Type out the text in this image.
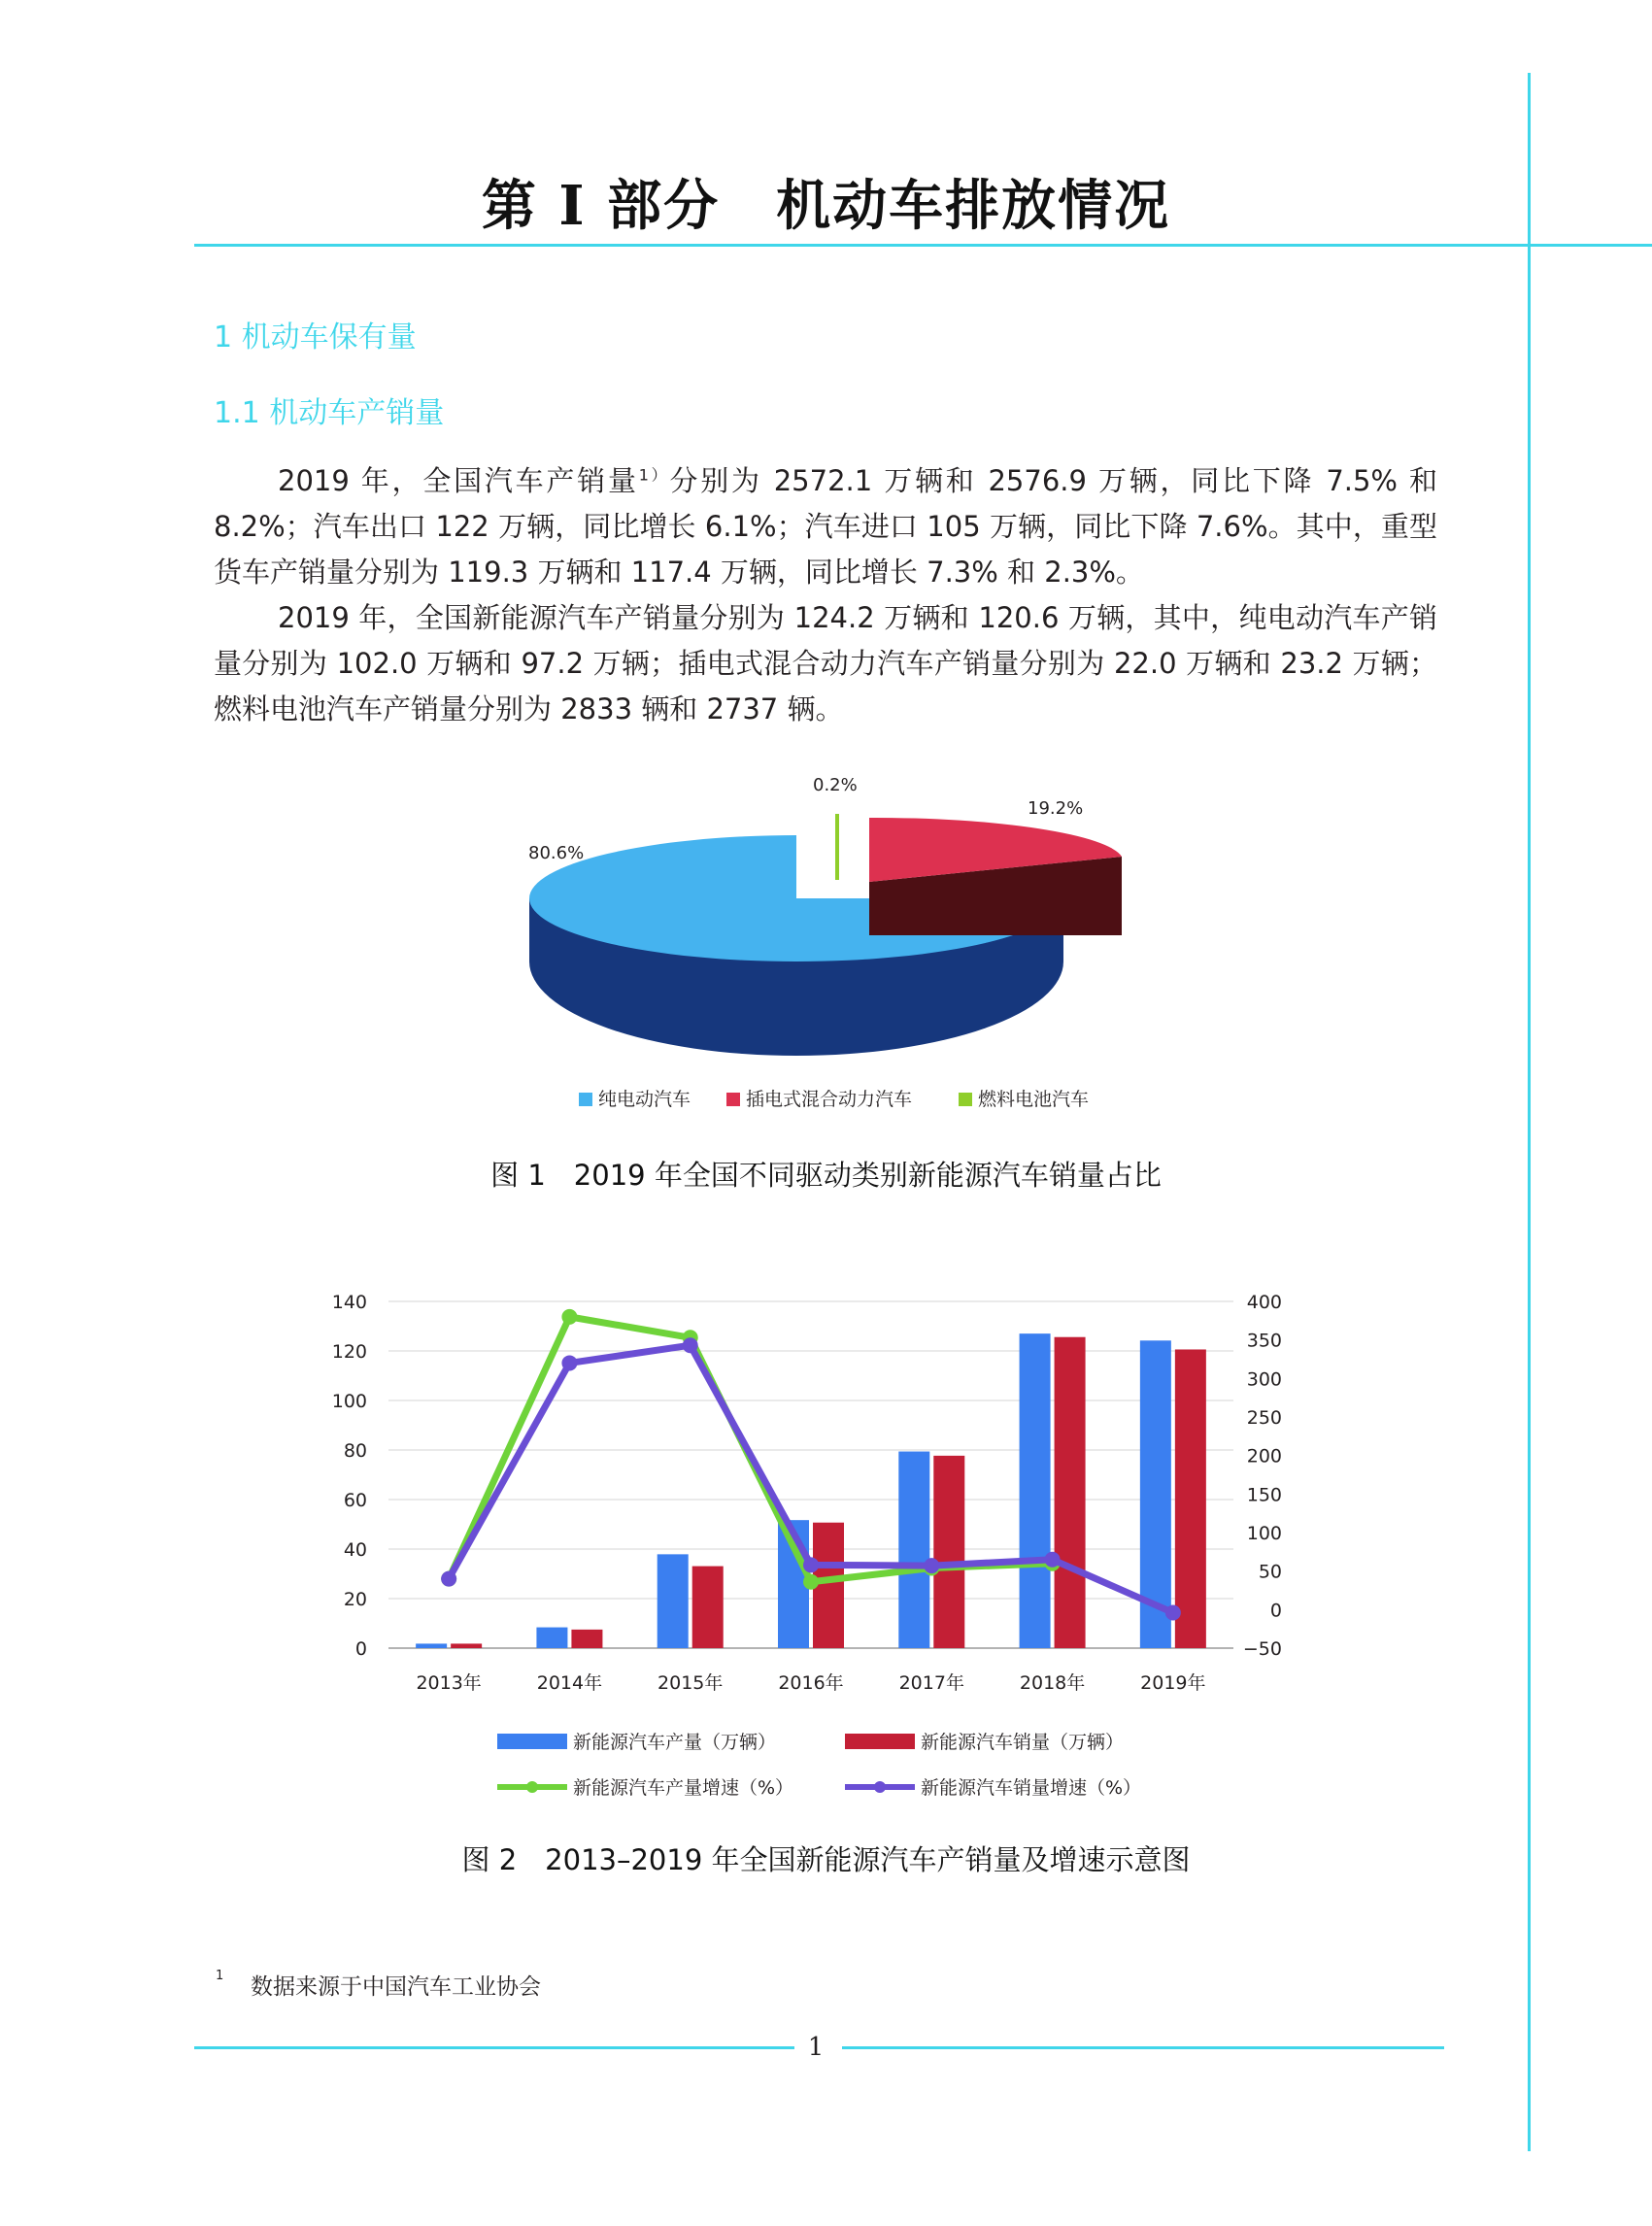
第 I 部分　机动车排放情况
1 机动车保有量
1.1 机动车产销量

2019 年，全国汽车产销量$^{1)}$分别为 2572.1 万辆和 2576.9 万辆，同比下降 7.5% 和 8.2%；汽车出口 122 万辆，同比增长 6.1%；汽车进口 105 万辆，同比下降 7.6%。其中，重型货车产销量分别为 119.3 万辆和 117.4 万辆，同比增长 7.3% 和 2.3%。

2019 年，全国新能源汽车产销量分别为 124.2 万辆和 120.6 万辆，其中，纯电动汽车产销量分别为 102.0 万辆和 97.2 万辆；插电式混合动力汽车产销量分别为 22.0 万辆和 23.2 万辆；燃料电池汽车产销量分别为 2833 辆和 2737 辆。

80.6%
19.2%
0.2%
纯电动汽车	插电式混合动力汽车	燃料电池汽车
图 1　2019 年全国不同驱动类别新能源汽车销量占比
0
20
40
60
80
100
120
140
−50
0
50
100
150
200
250
300
350
400
2013年	2014年	2015年	2016年	2017年	2018年	2019年
新能源汽车产量（万辆）	新能源汽车销量（万辆）
新能源汽车产量增速（%）	新能源汽车销量增速（%）
图 2　2013–2019 年全国新能源汽车产销量及增速示意图
1 数据来源于中国汽车工业协会
1
